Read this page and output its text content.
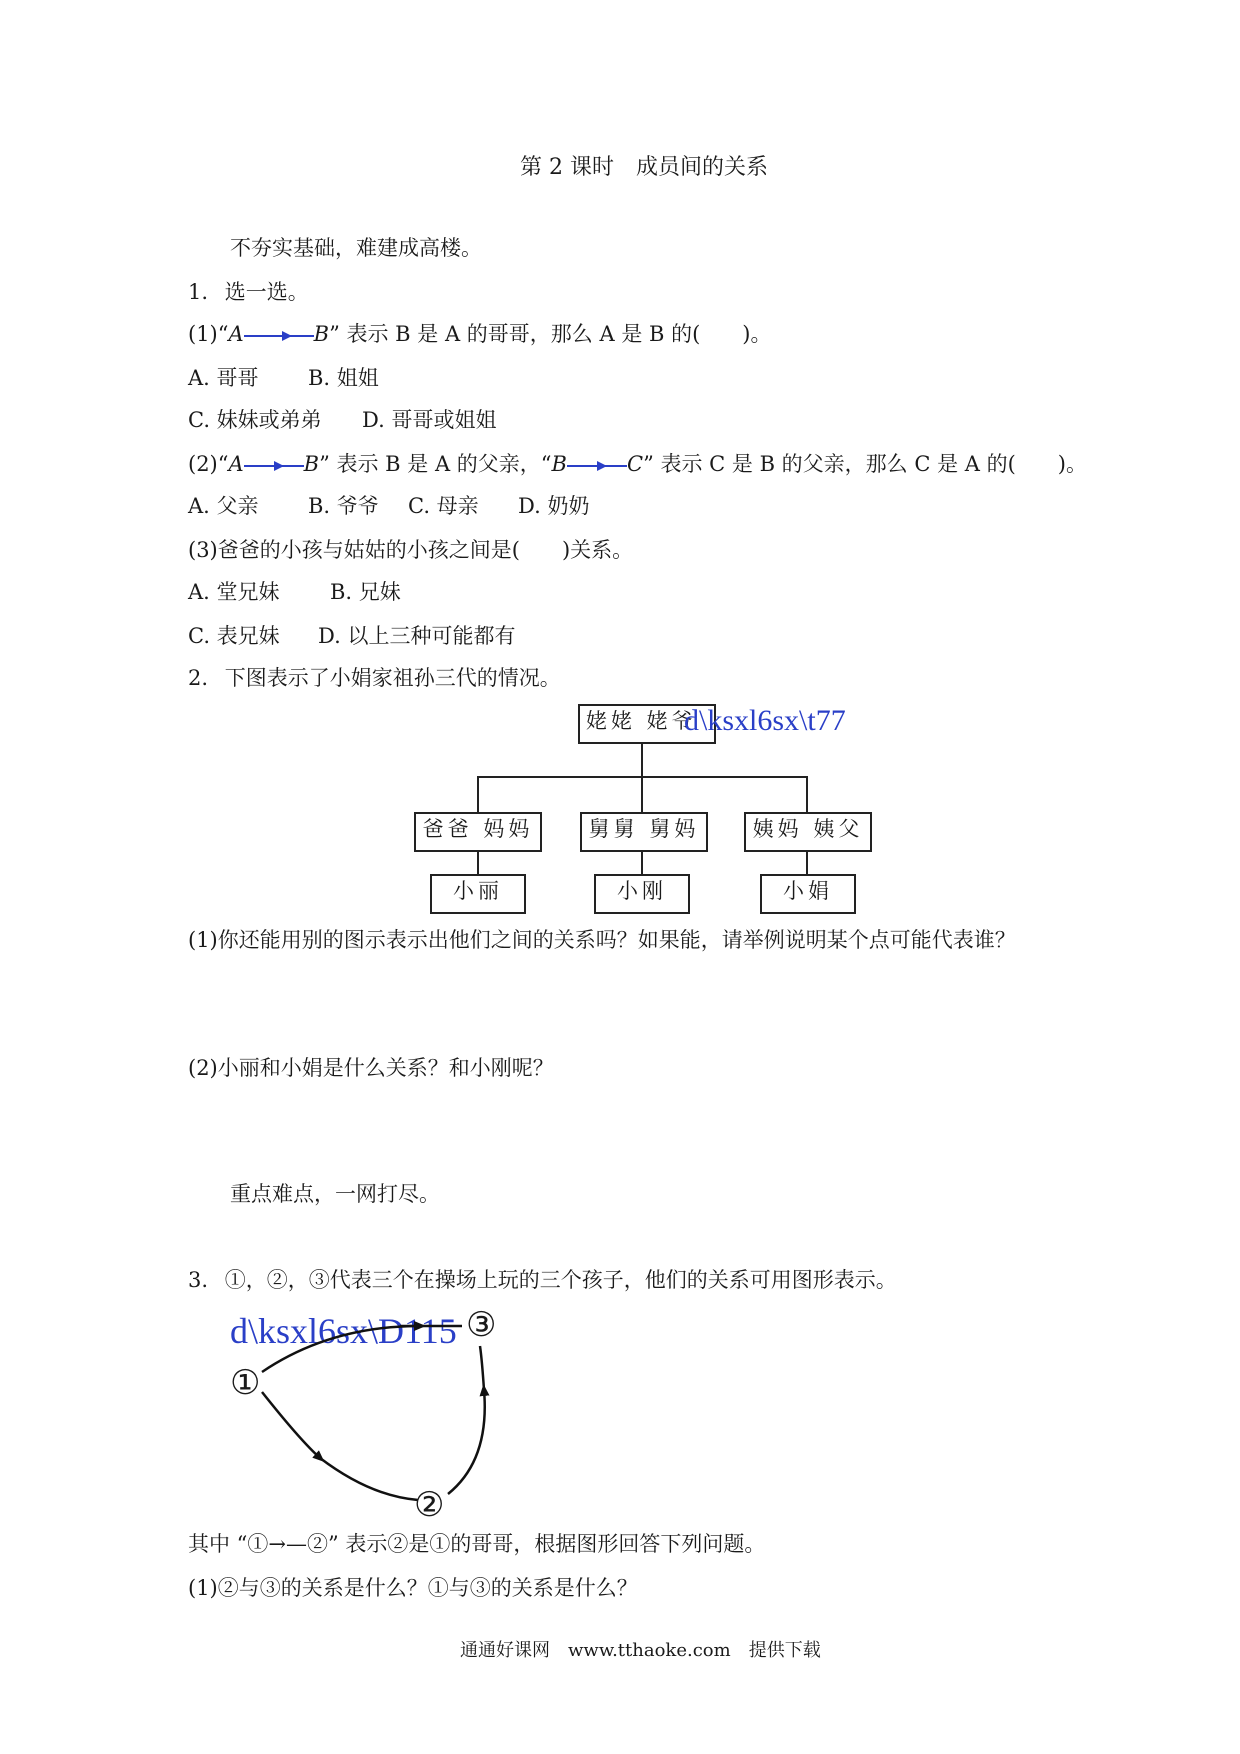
第 2 课时　成员间的关系
不夯实基础，难建成高楼。
1. 选一选。
(1)“A	B” 表示 B 是 A 的哥哥，那么 A 是 B 的(　　)。
A. 哥哥 B. 姐姐
C. 妹妹或弟弟 D. 哥哥或姐姐
(2)“A	B” 表示 B 是 A 的父亲，“B	C” 表示 C 是 B 的父亲，那么 C 是 A 的(　　)。
A. 父亲 B. 爷爷 C. 母亲 D. 奶奶
(3)爸爸的小孩与姑姑的小孩之间是(　　)关系。
A. 堂兄妹 B. 兄妹
C. 表兄妹 D. 以上三种可能都有
2. 下图表示了小娟家祖孙三代的情况。
姥姥 姥爷
d\ksxl6sx\t77
爸爸 妈妈	舅舅 舅妈	姨妈 姨父
小丽	小刚	小娟
(1)你还能用别的图示表示出他们之间的关系吗？如果能，请举例说明某个点可能代表谁？
(2)小丽和小娟是什么关系？和小刚呢？
重点难点，一网打尽。
3. ①，②，③代表三个在操场上玩的三个孩子，他们的关系可用图形表示。
d\ksxl6sx\D115
①
②
③
其中 “①→—②” 表示②是①的哥哥，根据图形回答下列问题。
(1)②与③的关系是什么？①与③的关系是什么？
通通好课网　www.tthaoke.com　提供下载
